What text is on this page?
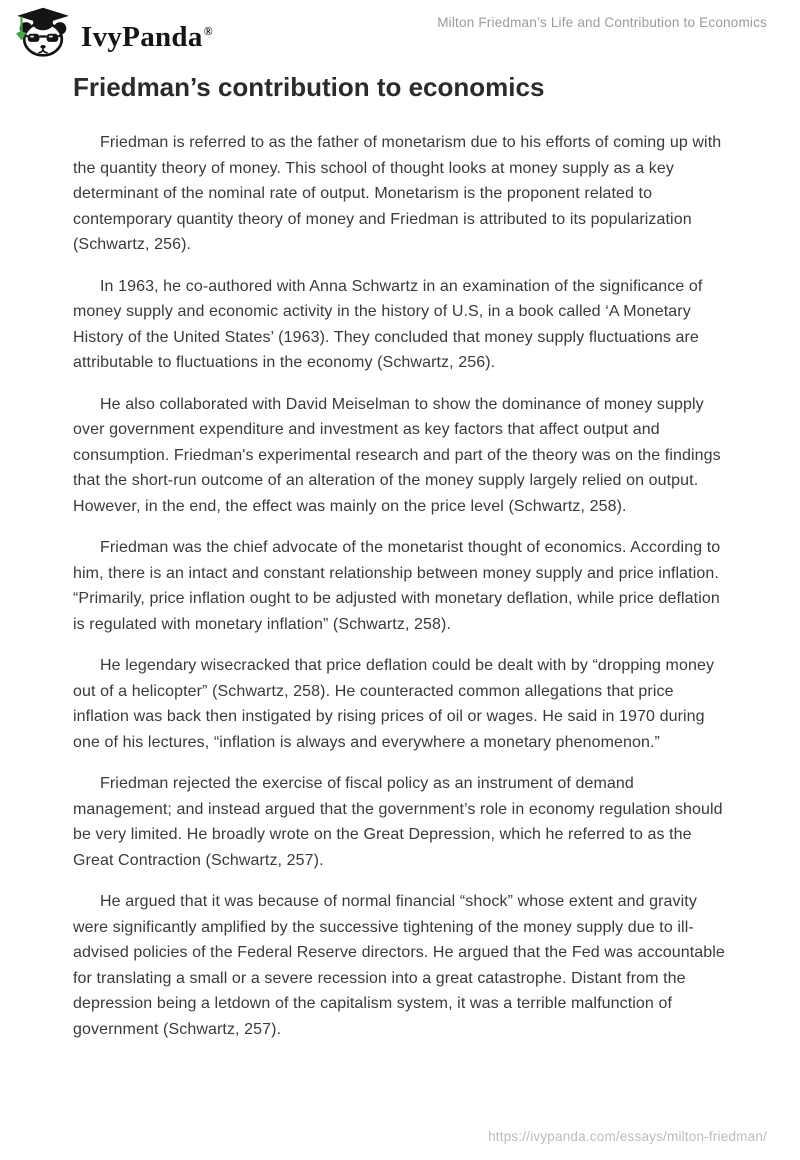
IvyPanda®
Milton Friedman’s Life and Contribution to Economics
Friedman’s contribution to economics

Friedman is referred to as the father of monetarism due to his efforts of coming up with the quantity theory of money. This school of thought looks at money supply as a key determinant of the nominal rate of output. Monetarism is the proponent related to contemporary quantity theory of money and Friedman is attributed to its popularization (Schwartz, 256).

In 1963, he co-authored with Anna Schwartz in an examination of the significance of money supply and economic activity in the history of U.S, in a book called ‘A Monetary History of the United States’ (1963). They concluded that money supply fluctuations are attributable to fluctuations in the economy (Schwartz, 256).

He also collaborated with David Meiselman to show the dominance of money supply over government expenditure and investment as key factors that affect output and consumption. Friedman's experimental research and part of the theory was on the findings that the short-run outcome of an alteration of the money supply largely relied on output. However, in the end, the effect was mainly on the price level (Schwartz, 258).

Friedman was the chief advocate of the monetarist thought of economics. According to him, there is an intact and constant relationship between money supply and price inflation. “Primarily, price inflation ought to be adjusted with monetary deflation, while price deflation is regulated with monetary inflation” (Schwartz, 258).

He legendary wisecracked that price deflation could be dealt with by “dropping money out of a helicopter” (Schwartz, 258). He counteracted common allegations that price inflation was back then instigated by rising prices of oil or wages. He said in 1970 during one of his lectures, “inflation is always and everywhere a monetary phenomenon.”

Friedman rejected the exercise of fiscal policy as an instrument of demand management; and instead argued that the government’s role in economy regulation should be very limited. He broadly wrote on the Great Depression, which he referred to as the Great Contraction (Schwartz, 257).

He argued that it was because of normal financial “shock” whose extent and gravity were significantly amplified by the successive tightening of the money supply due to ill-advised policies of the Federal Reserve directors. He argued that the Fed was accountable for translating a small or a severe recession into a great catastrophe. Distant from the depression being a letdown of the capitalism system, it was a terrible malfunction of government (Schwartz, 257).

https://ivypanda.com/essays/milton-friedman/
